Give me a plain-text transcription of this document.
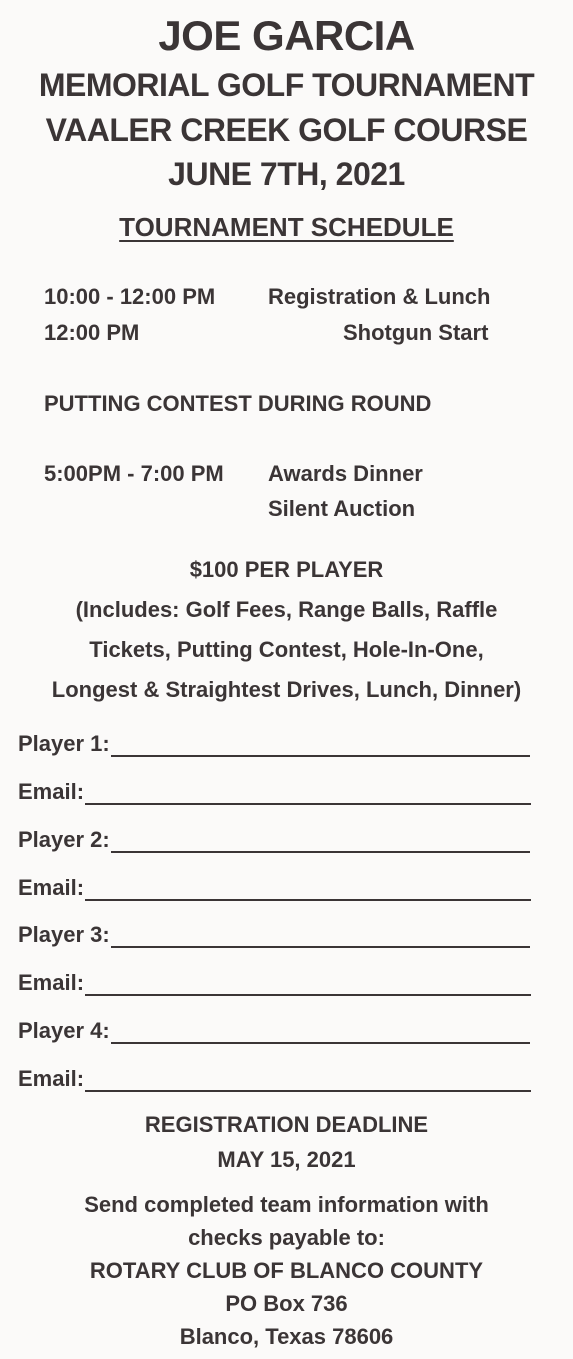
JOE GARCIA
MEMORIAL GOLF TOURNAMENT
VAALER CREEK GOLF COURSE
JUNE 7TH, 2021
TOURNAMENT SCHEDULE
10:00 - 12:00 PM Registration & Lunch
12:00 PM	Shotgun Start
PUTTING CONTEST DURING ROUND
5:00PM - 7:00 PM Awards Dinner
Silent Auction
$100 PER PLAYER
(Includes: Golf Fees, Range Balls, Raffle
Tickets, Putting Contest, Hole-In-One,
Longest & Straightest Drives, Lunch, Dinner)
Player 1:
Email:
Player 2:
Email:
Player 3:
Email:
Player 4:
Email:
REGISTRATION DEADLINE
MAY 15, 2021
Send completed team information with
checks payable to:
ROTARY CLUB OF BLANCO COUNTY
PO Box 736
Blanco, Texas 78606
